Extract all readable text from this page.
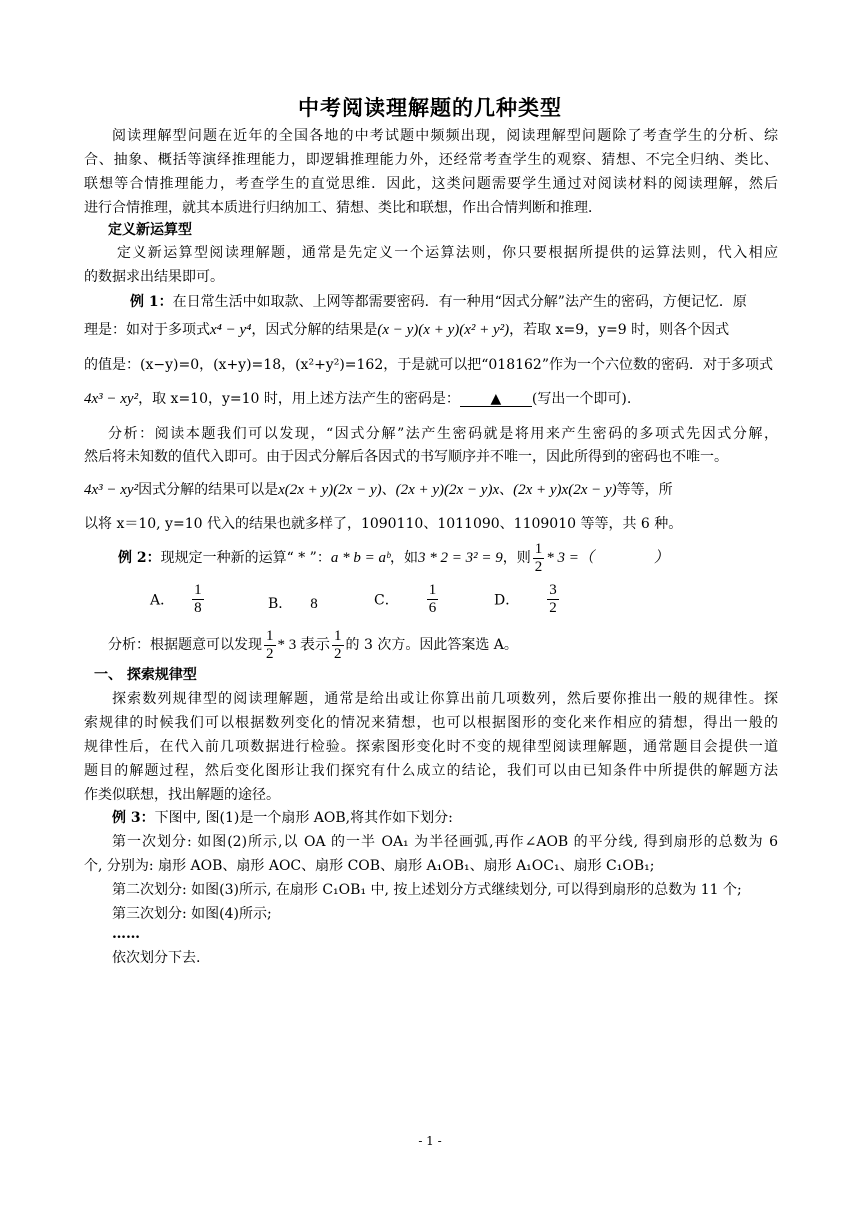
中考阅读理解题的几种类型
阅读理解型问题在近年的全国各地的中考试题中频频出现，阅读理解型问题除了考查学生的分析、综
合、抽象、概括等演绎推理能力，即逻辑推理能力外，还经常考查学生的观察、猜想、不完全归纳、类比、
联想等合情推理能力，考查学生的直觉思维．因此，这类问题需要学生通过对阅读材料的阅读理解，然后
进行合情推理，就其本质进行归纳加工、猜想、类比和联想，作出合情判断和推理．
定义新运算型
定义新运算型阅读理解题，通常是先定义一个运算法则，你只要根据所提供的运算法则，代入相应
的数据求出结果即可。
例 1：在日常生活中如取款、上网等都需要密码．有一种用“因式分解”法产生的密码，方便记忆．原
理是：如对于多项式x⁴ − y⁴，因式分解的结果是(x − y)(x + y)(x² + y²)，若取 x=9，y=9 时，则各个因式
的值是：(x−y)=0，(x+y)=18，(x²+y²)=162，于是就可以把“018162”作为一个六位数的密码．对于多项式
4x³ − xy²，取 x=10，y=10 时，用上述方法产生的密码是： ▲ (写出一个即可).
分析：阅读本题我们可以发现，“因式分解”法产生密码就是将用来产生密码的多项式先因式分解，
然后将未知数的值代入即可。由于因式分解后各因式的书写顺序并不唯一，因此所得到的密码也不唯一。
4x³ − xy²因式分解的结果可以是x(2x + y)(2x − y)、(2x + y)(2x − y)x、(2x + y)x(2x − y)等等，所
以将 x＝10, y=10 代入的结果也就多样了，1090110、1011090、1109010 等等，共 6 种。
例 2：现规定一种新的运算“ * ”：a * b = aᵇ，如3 * 2 = 3² = 9，则 $\frac{1}{2} * 3$ =（　　　　）
A． $\frac{1}{8}$	B． 8	C． $\frac{1}{6}$	D． $\frac{3}{2}$
分析：根据题意可以发现 $\frac{1}{2} * 3$ 表示 $\frac{1}{2}$ 的 3 次方。因此答案选 A。
一、 探索规律型
探索数列规律型的阅读理解题，通常是给出或让你算出前几项数列，然后要你推出一般的规律性。探
索规律的时候我们可以根据数列变化的情况来猜想，也可以根据图形的变化来作相应的猜想，得出一般的
规律性后，在代入前几项数据进行检验。探索图形变化时不变的规律型阅读理解题，通常题目会提供一道
题目的解题过程，然后变化图形让我们探究有什么成立的结论，我们可以由已知条件中所提供的解题方法
作类似联想，找出解题的途径。
例 3：下图中, 图(1)是一个扇形 AOB,将其作如下划分:
第一次划分: 如图(2)所示,以 OA 的一半 OA₁ 为半径画弧,再作∠AOB 的平分线, 得到扇形的总数为 6
个, 分别为: 扇形 AOB、扇形 AOC、扇形 COB、扇形 A₁OB₁、扇形 A₁OC₁、扇形 C₁OB₁;
第二次划分: 如图(3)所示, 在扇形 C₁OB₁ 中, 按上述划分方式继续划分, 可以得到扇形的总数为 11 个;
第三次划分: 如图(4)所示;
……
依次划分下去.
- 1 -
